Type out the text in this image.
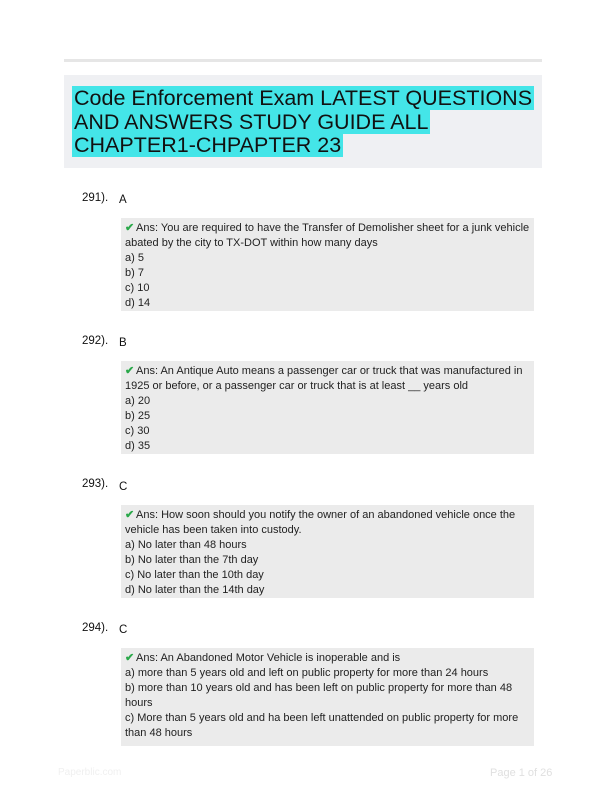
Code Enforcement Exam LATEST QUESTIONS AND ANSWERS STUDY GUIDE ALL CHAPTER1-CHPAPTER 23
291). A
✔ Ans: You are required to have the Transfer of Demolisher sheet for a junk vehicle abated by the city to TX-DOT within how many days
a) 5
b) 7
c) 10
d) 14
292). B
✔ Ans: An Antique Auto means a passenger car or truck that was manufactured in 1925 or before, or a passenger car or truck that is at least __ years old
a) 20
b) 25
c) 30
d) 35
293). C
✔ Ans: How soon should you notify the owner of an abandoned vehicle once the vehicle has been taken into custody.
a) No later than 48 hours
b) No later than the 7th day
c) No later than the 10th day
d) No later than the 14th day
294). C
✔ Ans: An Abandoned Motor Vehicle is inoperable and is
a) more than 5 years old and left on public property for more than 24 hours
b) more than 10 years old and has been left on public property for more than 48 hours
c) More than 5 years old and ha been left unattended on public property for more than 48 hours
Paperblic.com	Page 1 of 26
